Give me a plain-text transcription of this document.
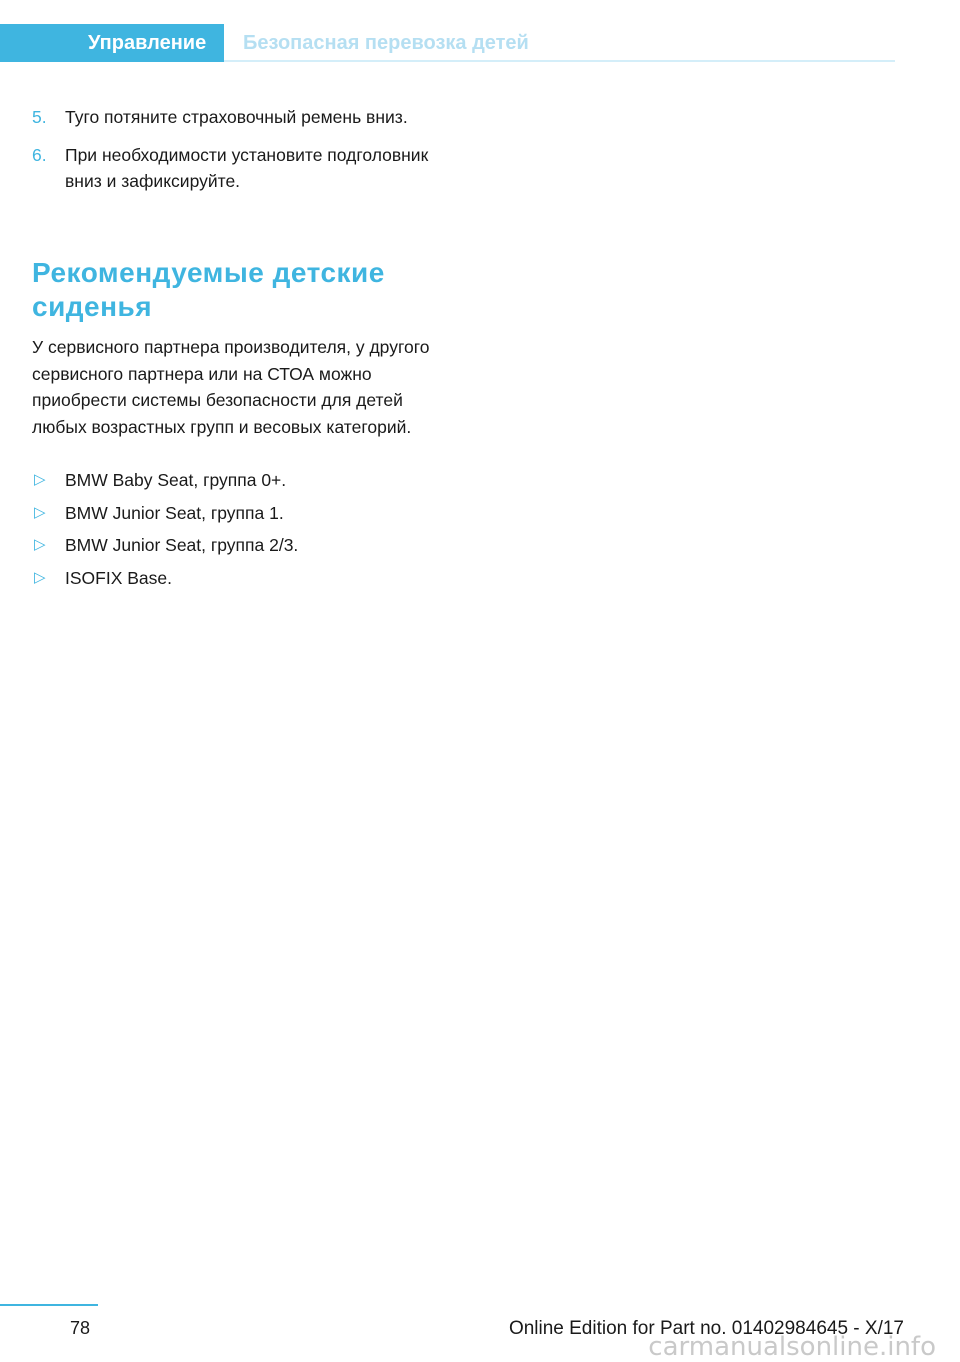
Управление	Безопасная перевозка детей
5. Туго потяните страховочный ремень вниз.
6. При необходимости установите подголовник вниз и зафиксируйте.
Рекомендуемые детские сиденья

У сервисного партнера производителя, у другого сервисного партнера или на СТОА можно приобрести системы безопасности для детей любых возрастных групп и весовых категорий.

▷ BMW Baby Seat, группа 0+.
▷ BMW Junior Seat, группа 1.
▷ BMW Junior Seat, группа 2/3.
▷ ISOFIX Base.
78	Online Edition for Part no. 01402984645 - X/17
carmanualsonline.info
